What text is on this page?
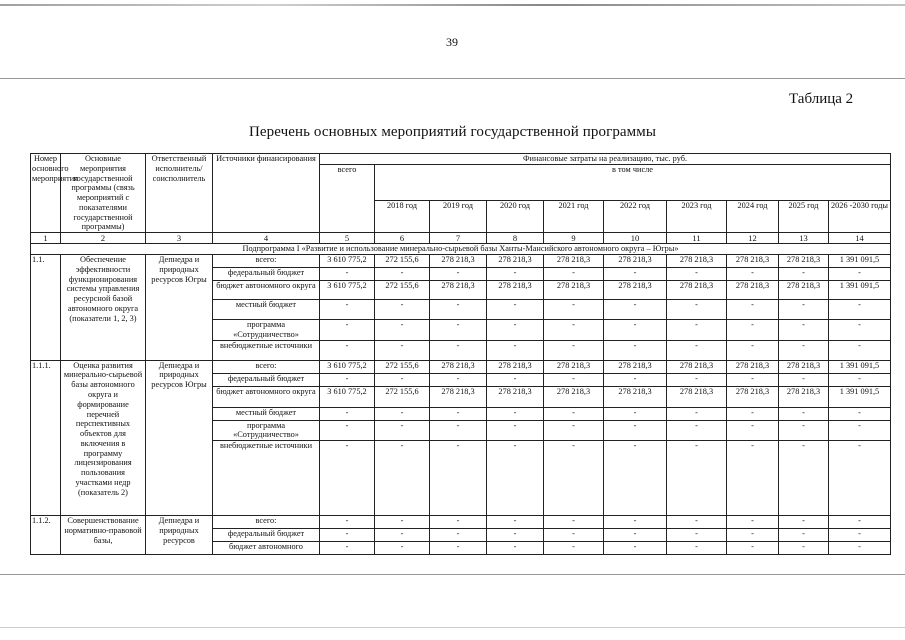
39
Таблица 2
Перечень основных мероприятий государственной программы
Номер основного мероприятия	Основные мероприятия государственной программы (связь мероприятий с показателями государственной программы)	Ответственный исполнитель/ соисполнитель	Источники финансирования	Финансовые затраты на реализацию, тыс. руб.									
				всего	в том числе								
					2018 год	2019 год	2020 год	2021 год	2022 год	2023 год	2024 год	2025 год	2026 -2030 годы
1	2	3	4	5	6	7	8	9	10	11	12	13	14
Подпрограмма I «Развитие и использование минерально-сырьевой базы Ханты-Мансийского автономного округа – Югры»													
1.1.	Обеспечение эффективности функционирования системы управления ресурсной базой автономного округа (показатели 1, 2, 3)	Депнедра и природных ресурсов Югры	всего:	3 610 775,2	272 155,6	278 218,3	278 218,3	278 218,3	278 218,3	278 218,3	278 218,3	278 218,3	1 391 091,5
			федеральный бюджет	-	-	-	-	-	-	-	-	-	-
			бюджет автономного округа	3 610 775,2	272 155,6	278 218,3	278 218,3	278 218,3	278 218,3	278 218,3	278 218,3	278 218,3	1 391 091,5
			местный бюджет	-	-	-	-	-	-	-	-	-	-
			программа «Сотрудничество»	-	-	-	-	-	-	-	-	-	-
			внебюджетные источники	-	-	-	-	-	-	-	-	-	-
1.1.1.	Оценка развития минерально-сырьевой базы автономного округа и формирование перечней перспективных объектов для включения в программу лицензирования пользования участками недр (показатель 2)	Депнедра и природных ресурсов Югры	всего:	3 610 775,2	272 155,6	278 218,3	278 218,3	278 218,3	278 218,3	278 218,3	278 218,3	278 218,3	1 391 091,5
			федеральный бюджет	-	-	-	-	-	-	-	-	-	-
			бюджет автономного округа	3 610 775,2	272 155,6	278 218,3	278 218,3	278 218,3	278 218,3	278 218,3	278 218,3	278 218,3	1 391 091,5
			местный бюджет	-	-	-	-	-	-	-	-	-	-
			программа «Сотрудничество»	-	-	-	-	-	-	-	-	-	-
			внебюджетные источники	-	-	-	-	-	-	-	-	-	-
1.1.2.	Совершенствование нормативно-правовой базы,	Депнедра и природных ресурсов	всего:	-	-	-	-	-	-	-	-	-	-
			федеральный бюджет	-	-	-	-	-	-	-	-	-	-
			бюджет автономного	-	-	-	-	-	-	-	-	-	-
